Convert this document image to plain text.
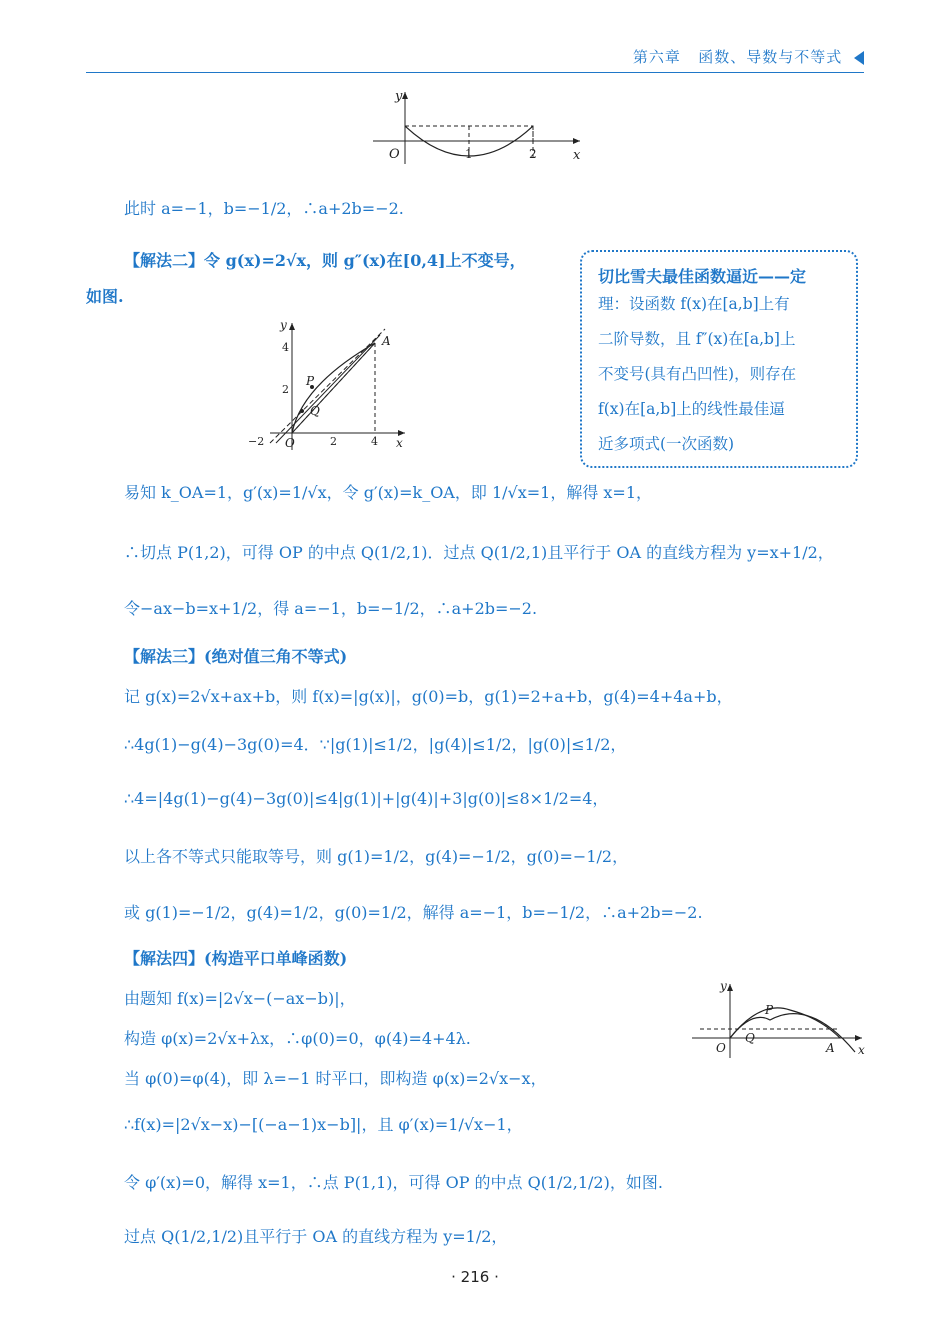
第六章 函数、导数与不等式
y
x
O	1	2
此时 a=−1，b=−1/2，∴a+2b=−2.
【解法二】令 g(x)=2√x，则 g″(x)在[0,4]上不变号，
如图.
A
P
Q
y
x
O
4
2
−2	2	4
切比雪夫最佳函数逼近——定
理：设函数 f(x)在[a,b]上有
二阶导数，且 f″(x)在[a,b]上
不变号(具有凸凹性)，则存在
f(x)在[a,b]上的线性最佳逼
近多项式(一次函数)
易知 k_OA=1，g′(x)=1/√x，令 g′(x)=k_OA，即 1/√x=1，解得 x=1，
∴切点 P(1,2)，可得 OP 的中点 Q(1/2,1)．过点 Q(1/2,1)且平行于 OA 的直线方程为 y=x+1/2，
令−ax−b=x+1/2，得 a=−1，b=−1/2，∴a+2b=−2.
【解法三】(绝对值三角不等式)
记 g(x)=2√x+ax+b，则 f(x)=|g(x)|，g(0)=b，g(1)=2+a+b，g(4)=4+4a+b，
∴4g(1)−g(4)−3g(0)=4．∵|g(1)|≤1/2，|g(4)|≤1/2，|g(0)|≤1/2，
∴4=|4g(1)−g(4)−3g(0)|≤4|g(1)|+|g(4)|+3|g(0)|≤8×1/2=4，
以上各不等式只能取等号，则 g(1)=1/2，g(4)=−1/2，g(0)=−1/2，
或 g(1)=−1/2，g(4)=1/2，g(0)=1/2，解得 a=−1，b=−1/2，∴a+2b=−2.
【解法四】(构造平口单峰函数)
由题知 f(x)=|2√x−(−ax−b)|，
构造 φ(x)=2√x+λx，∴φ(0)=0，φ(4)=4+4λ.
当 φ(0)=φ(4)，即 λ=−1 时平口，即构造 φ(x)=2√x−x，
∴f(x)=|2√x−x)−[(−a−1)x−b]|，且 φ′(x)=1/√x−1，
令 φ′(x)=0，解得 x=1，∴点 P(1,1)，可得 OP 的中点 Q(1/2,1/2)，如图.
过点 Q(1/2,1/2)且平行于 OA 的直线方程为 y=1/2，
P
Q
A
y
x
O
· 216 ·
